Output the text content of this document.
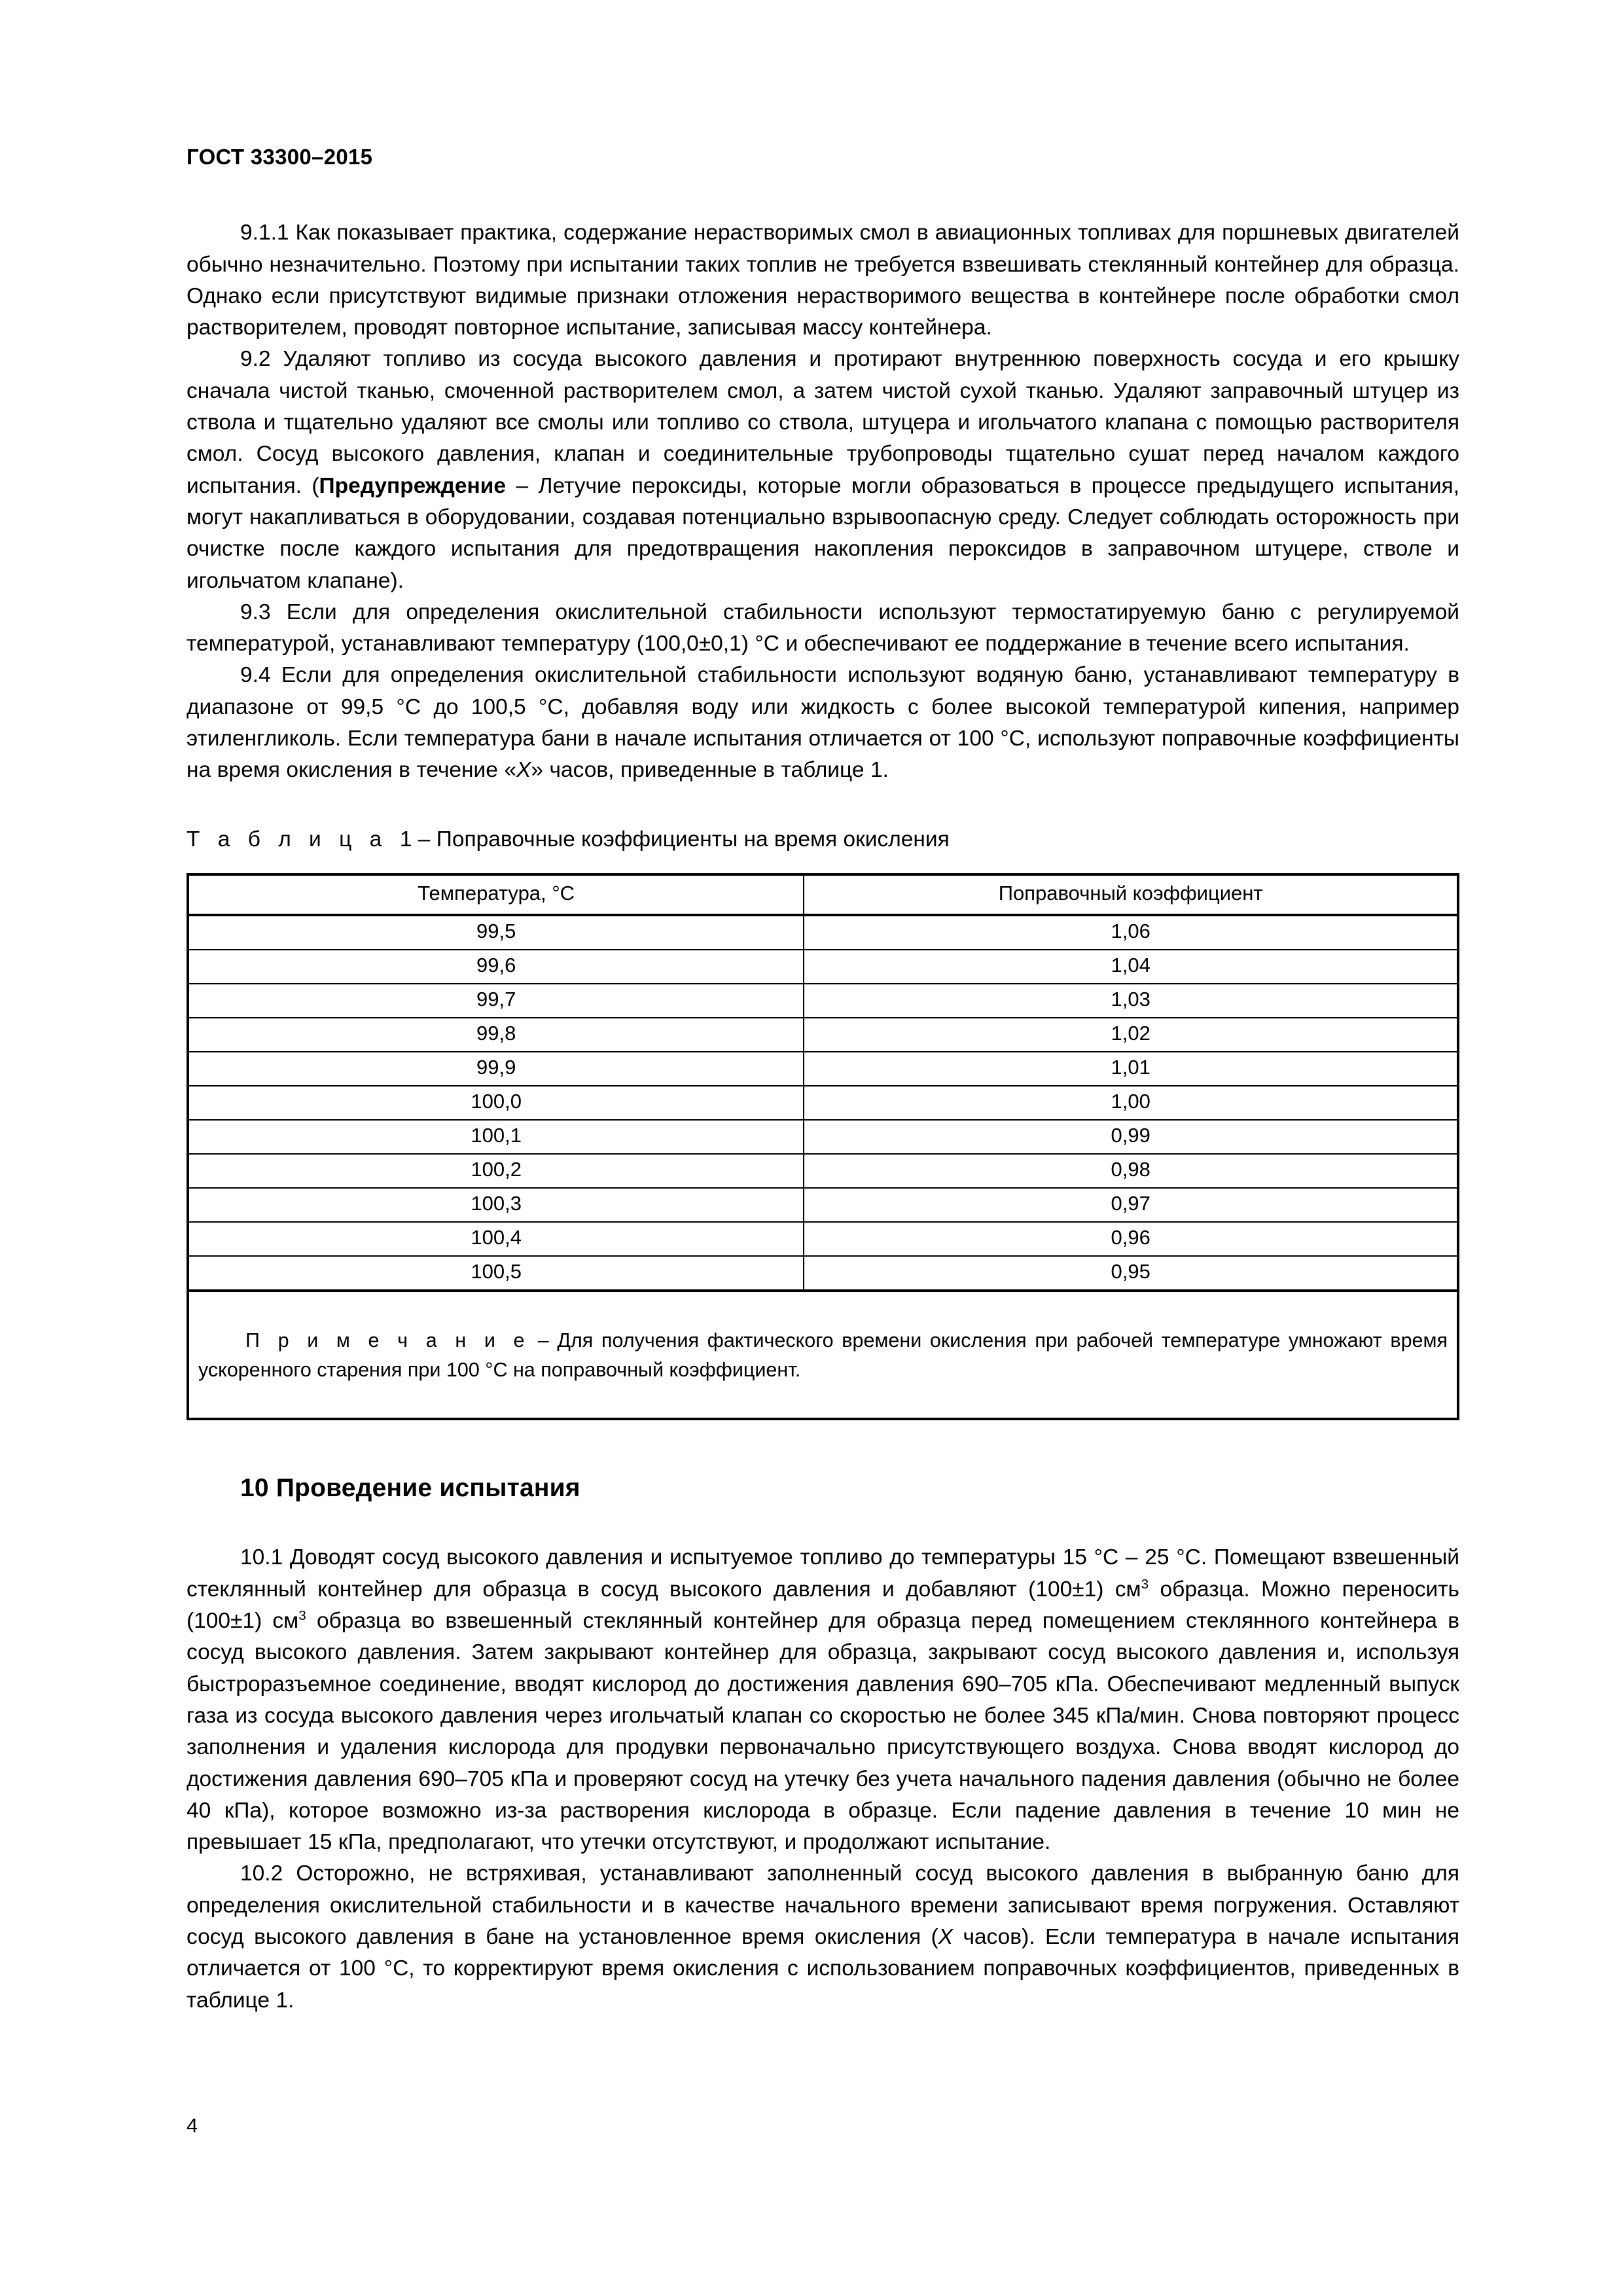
ГОСТ 33300–2015

9.1.1 Как показывает практика, содержание нерастворимых смол в авиационных топливах для поршневых двигателей обычно незначительно. Поэтому при испытании таких топлив не требуется взвешивать стеклянный контейнер для образца. Однако если присутствуют видимые признаки отложения нерастворимого вещества в контейнере после обработки смол растворителем, проводят повторное испытание, записывая массу контейнера.

9.2 Удаляют топливо из сосуда высокого давления и протирают внутреннюю поверхность сосуда и его крышку сначала чистой тканью, смоченной растворителем смол, а затем чистой сухой тканью. Удаляют заправочный штуцер из ствола и тщательно удаляют все смолы или топливо со ствола, штуцера и игольчатого клапана с помощью растворителя смол. Сосуд высокого давления, клапан и соединительные трубопроводы тщательно сушат перед началом каждого испытания. (Предупреждение – Летучие пероксиды, которые могли образоваться в процессе предыдущего испытания, могут накапливаться в оборудовании, создавая потенциально взрывоопасную среду. Следует соблюдать осторожность при очистке после каждого испытания для предотвращения накопления пероксидов в заправочном штуцере, стволе и игольчатом клапане).

9.3 Если для определения окислительной стабильности используют термостатируемую баню с регулируемой температурой, устанавливают температуру (100,0±0,1) °С и обеспечивают ее поддержание в течение всего испытания.

9.4 Если для определения окислительной стабильности используют водяную баню, устанавливают температуру в диапазоне от 99,5 °С до 100,5 °С, добавляя воду или жидкость с более высокой температурой кипения, например этиленгликоль. Если температура бани в начале испытания отличается от 100 °С, используют поправочные коэффициенты на время окисления в течение «X» часов, приведенные в таблице 1.

Т а б л и ц а 1 – Поправочные коэффициенты на время окисления
Температура, °С	Поправочный коэффициент
99,5	1,06
99,6	1,04
99,7	1,03
99,8	1,02
99,9	1,01
100,0	1,00
100,1	0,99
100,2	0,98
100,3	0,97
100,4	0,96
100,5	0,95

П р и м е ч а н и е – Для получения фактического времени окисления при рабочей температуре умножают время ускоренного старения при 100 °С на поправочный коэффициент.

10 Проведение испытания

10.1 Доводят сосуд высокого давления и испытуемое топливо до температуры 15 °С – 25 °С. Помещают взвешенный стеклянный контейнер для образца в сосуд высокого давления и добавляют (100±1) $см^3$ образца. Можно переносить (100±1) $см^3$ образца во взвешенный стеклянный контейнер для образца перед помещением стеклянного контейнера в сосуд высокого давления. Затем закрывают контейнер для образца, закрывают сосуд высокого давления и, используя быстроразъемное соединение, вводят кислород до достижения давления 690–705 кПа. Обеспечивают медленный выпуск газа из сосуда высокого давления через игольчатый клапан со скоростью не более 345 кПа/мин. Снова повторяют процесс заполнения и удаления кислорода для продувки первоначально присутствующего воздуха. Снова вводят кислород до достижения давления 690–705 кПа и проверяют сосуд на утечку без учета начального падения давления (обычно не более 40 кПа), которое возможно из-за растворения кислорода в образце. Если падение давления в течение 10 мин не превышает 15 кПа, предполагают, что утечки отсутствуют, и продолжают испытание.

10.2 Осторожно, не встряхивая, устанавливают заполненный сосуд высокого давления в выбранную баню для определения окислительной стабильности и в качестве начального времени записывают время погружения. Оставляют сосуд высокого давления в бане на установленное время окисления (X часов). Если температура в начале испытания отличается от 100 °С, то корректируют время окисления с использованием поправочных коэффициентов, приведенных в таблице 1.

4
